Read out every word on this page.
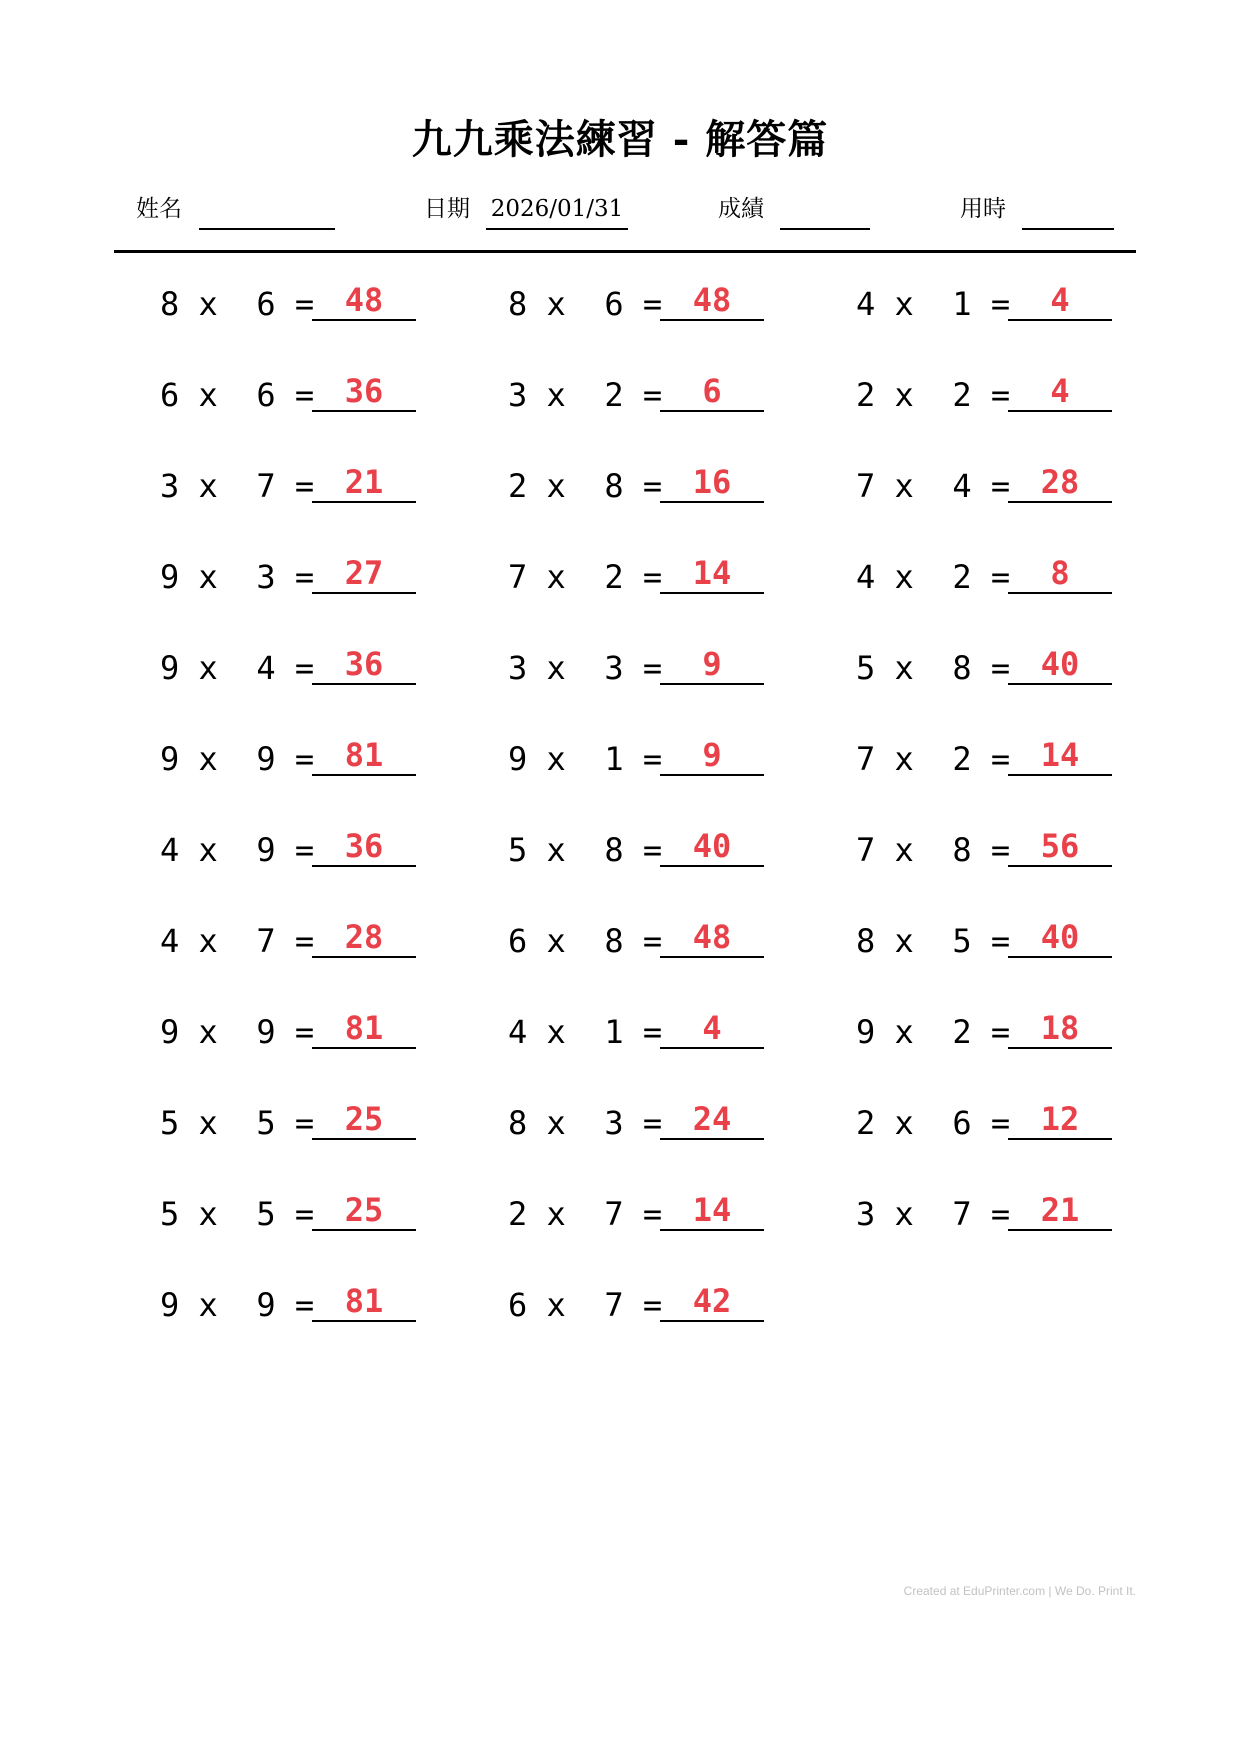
九九乘法練習 - 解答篇
姓名	日期 2026/01/31	成績	用時
8 x  6 = 48
6 x  6 = 36
3 x  7 = 21
9 x  3 = 27
9 x  4 = 36
9 x  9 = 81
4 x  9 = 36
4 x  7 = 28
9 x  9 = 81
5 x  5 = 25
5 x  5 = 25
9 x  9 = 81
8 x  6 = 48
3 x  2 =	6
2 x  8 = 16
7 x  2 = 14
3 x  3 =	9
9 x  1 =	9
5 x  8 = 40
6 x  8 = 48
4 x  1 =	4
8 x  3 = 24
2 x  7 = 14
6 x  7 = 42
4 x  1 =	4
2 x  2 =	4
7 x  4 = 28
4 x  2 =	8
5 x  8 = 40
7 x  2 = 14
7 x  8 = 56
8 x  5 = 40
9 x  2 = 18
2 x  6 = 12
3 x  7 = 21
Created at EduPrinter.com | We Do. Print It.
